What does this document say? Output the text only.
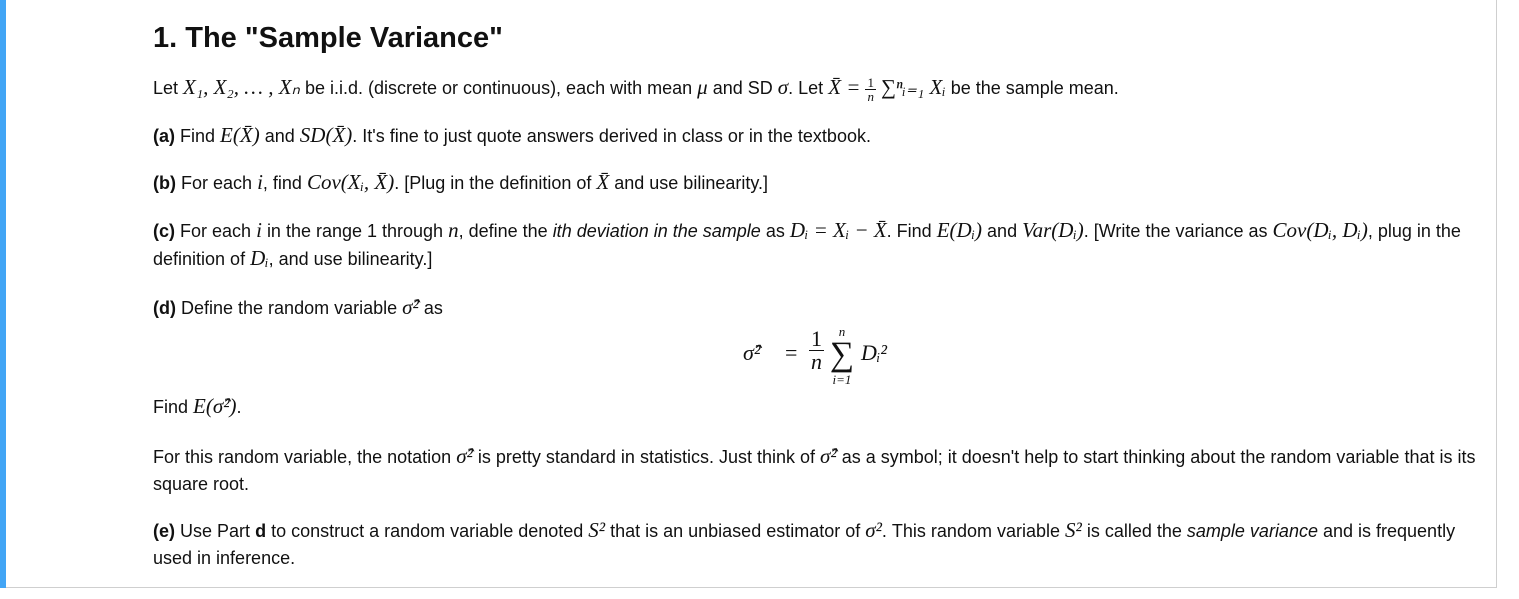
1. The "Sample Variance"

Let X₁, X₂, … , Xₙ be i.i.d. (discrete or continuous), each with mean μ and SD σ. Let X̄ = $\frac{1}{n}$ ∑ⁿᵢ₌₁ Xᵢ be the sample mean.

(a) Find E(X̄) and SD(X̄). It's fine to just quote answers derived in class or in the textbook.

(b) For each i, find Cov(Xᵢ, X̄). [Plug in the definition of X̄ and use bilinearity.]

(c) For each i in the range 1 through n, define the ith deviation in the sample as Dᵢ = Xᵢ − X̄. Find E(Dᵢ) and Var(Dᵢ). [Write the variance as Cov(Dᵢ, Dᵢ), plug in the definition of Dᵢ, and use bilinearity.]

(d) Define the random variable σ̂² as

σ̂² = $\frac{1}{n}$	n
∑
i=1
Dᵢ²

Find E(σ̂²).

For this random variable, the notation σ̂² is pretty standard in statistics. Just think of σ̂² as a symbol; it doesn't help to start thinking about the random variable that is its square root.

(e) Use Part d to construct a random variable denoted S² that is an unbiased estimator of σ². This random variable S² is called the sample variance and is frequently used in inference.
